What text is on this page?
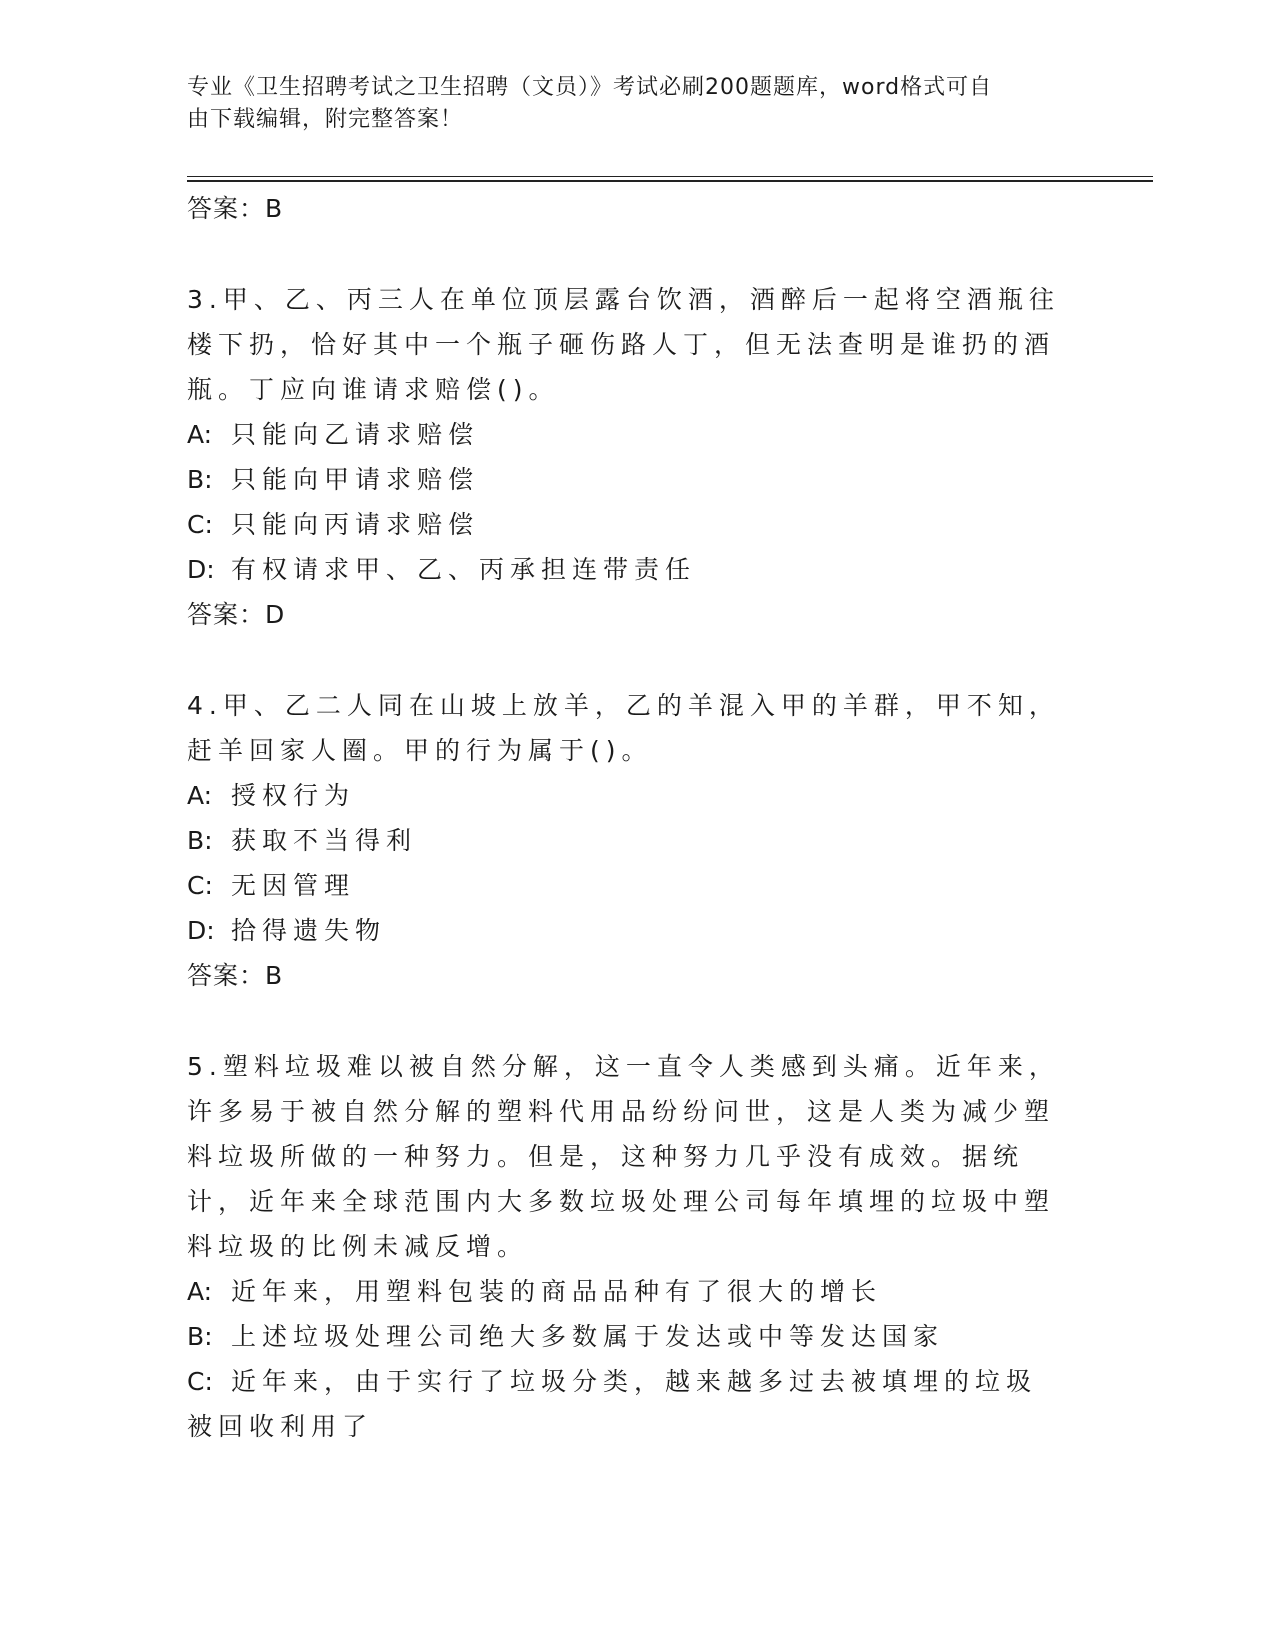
专业《卫生招聘考试之卫生招聘（文员）》考试必刷200题题库，word格式可自
由下载编辑，附完整答案！
答案：B
3.甲、乙、丙三人在单位顶层露台饮酒，酒醉后一起将空酒瓶往楼下扔，恰好其中一个瓶子砸伤路人丁，但无法查明是谁扔的酒瓶。丁应向谁请求赔偿()。
A: 只能向乙请求赔偿
B: 只能向甲请求赔偿
C: 只能向丙请求赔偿
D: 有权请求甲、乙、丙承担连带责任
答案：D
4.甲、乙二人同在山坡上放羊，乙的羊混入甲的羊群，甲不知，赶羊回家人圈。甲的行为属于()。
A: 授权行为
B: 获取不当得利
C: 无因管理
D: 拾得遗失物
答案：B
5.塑料垃圾难以被自然分解，这一直令人类感到头痛。近年来，许多易于被自然分解的塑料代用品纷纷问世，这是人类为减少塑料垃圾所做的一种努力。但是，这种努力几乎没有成效。据统计，近年来全球范围内大多数垃圾处理公司每年填埋的垃圾中塑料垃圾的比例未减反增。
A: 近年来，用塑料包装的商品品种有了很大的增长
B: 上述垃圾处理公司绝大多数属于发达或中等发达国家
C: 近年来，由于实行了垃圾分类，越来越多过去被填埋的垃圾被回收利用了
